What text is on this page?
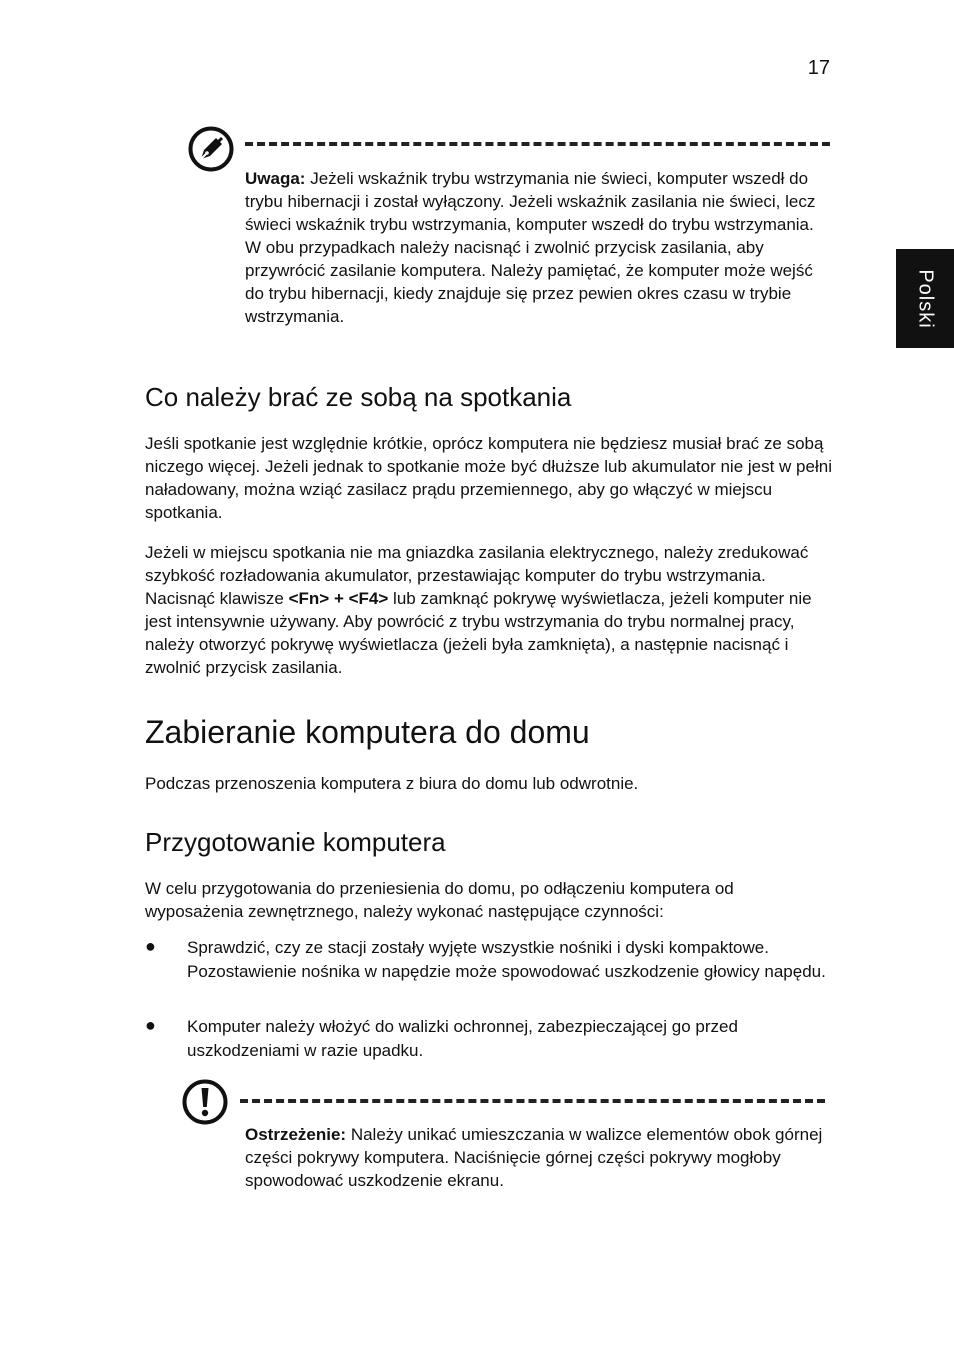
17
Polski
Uwaga: Jeżeli wskaźnik trybu wstrzymania nie świeci, komputer wszedł do trybu hibernacji i został wyłączony. Jeżeli wskaźnik zasilania nie świeci, lecz świeci wskaźnik trybu wstrzymania, komputer wszedł do trybu wstrzymania. W obu przypadkach należy nacisnąć i zwolnić przycisk zasilania, aby przywrócić zasilanie komputera. Należy pamiętać, że komputer może wejść do trybu hibernacji, kiedy znajduje się przez pewien okres czasu w trybie wstrzymania.
Co należy brać ze sobą na spotkania

Jeśli spotkanie jest względnie krótkie, oprócz komputera nie będziesz musiał brać ze sobą niczego więcej. Jeżeli jednak to spotkanie może być dłuższe lub akumulator nie jest w pełni naładowany, można wziąć zasilacz prądu przemiennego, aby go włączyć w miejscu spotkania.

Jeżeli w miejscu spotkania nie ma gniazdka zasilania elektrycznego, należy zredukować szybkość rozładowania akumulator, przestawiając komputer do trybu wstrzymania. Nacisnąć klawisze <Fn> + <F4> lub zamknąć pokrywę wyświetlacza, jeżeli komputer nie jest intensywnie używany. Aby powrócić z trybu wstrzymania do trybu normalnej pracy, należy otworzyć pokrywę wyświetlacza (jeżeli była zamknięta), a następnie nacisnąć i zwolnić przycisk zasilania.

Zabieranie komputera do domu

Podczas przenoszenia komputera z biura do domu lub odwrotnie.

Przygotowanie komputera

W celu przygotowania do przeniesienia do domu, po odłączeniu komputera od wyposażenia zewnętrznego, należy wykonać następujące czynności:

● Sprawdzić, czy ze stacji zostały wyjęte wszystkie nośniki i dyski kompaktowe. Pozostawienie nośnika w napędzie może spowodować uszkodzenie głowicy napędu.
● Komputer należy włożyć do walizki ochronnej, zabezpieczającej go przed uszkodzeniami w razie upadku.
Ostrzeżenie: Należy unikać umieszczania w walizce elementów obok górnej części pokrywy komputera. Naciśnięcie górnej części pokrywy mogłoby spowodować uszkodzenie ekranu.
